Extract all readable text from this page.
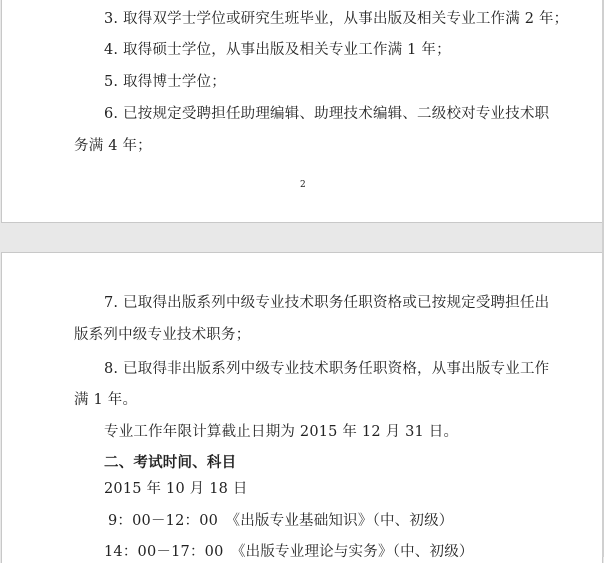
3. 取得双学士学位或研究生班毕业，从事出版及相关专业工作满 2 年；
4. 取得硕士学位，从事出版及相关专业工作满 1 年；
5. 取得博士学位；
6. 已按规定受聘担任助理编辑、助理技术编辑、二级校对专业技术职
务满 4 年；
2
7. 已取得出版系列中级专业技术职务任职资格或已按规定受聘担任出
版系列中级专业技术职务；
8. 已取得非出版系列中级专业技术职务任职资格，从事出版专业工作
满 1 年。
专业工作年限计算截止日期为 2015 年 12 月 31 日。
二、考试时间、科目
2015 年 10 月 18 日
9：00－12：00　《出版专业基础知识》（中、初级）
14：00－17：00　《出版专业理论与实务》（中、初级）
